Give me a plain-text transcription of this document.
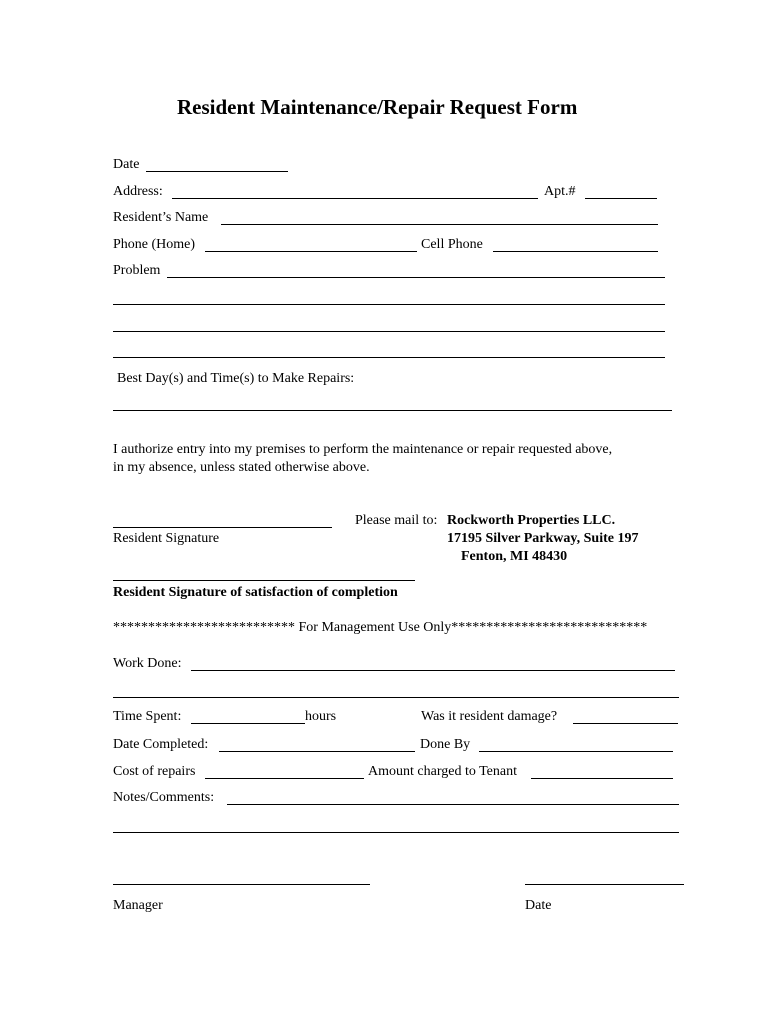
Resident Maintenance/Repair Request Form
Date
Address:	Apt.#
Resident’s Name
Phone (Home)	Cell Phone
Problem
Best Day(s) and Time(s) to Make Repairs:
I authorize entry into my premises to perform the maintenance or repair requested above,
in my absence, unless stated otherwise above.
Resident Signature
Please mail to: Rockworth Properties LLC.
17195 Silver Parkway, Suite 197
Fenton, MI 48430
Resident Signature of satisfaction of completion
************************** For Management Use Only****************************
Work Done:
Time Spent:	hours	Was it resident damage?
Date Completed:	Done By
Cost of repairs	Amount charged to Tenant
Notes/Comments:
Manager	Date
